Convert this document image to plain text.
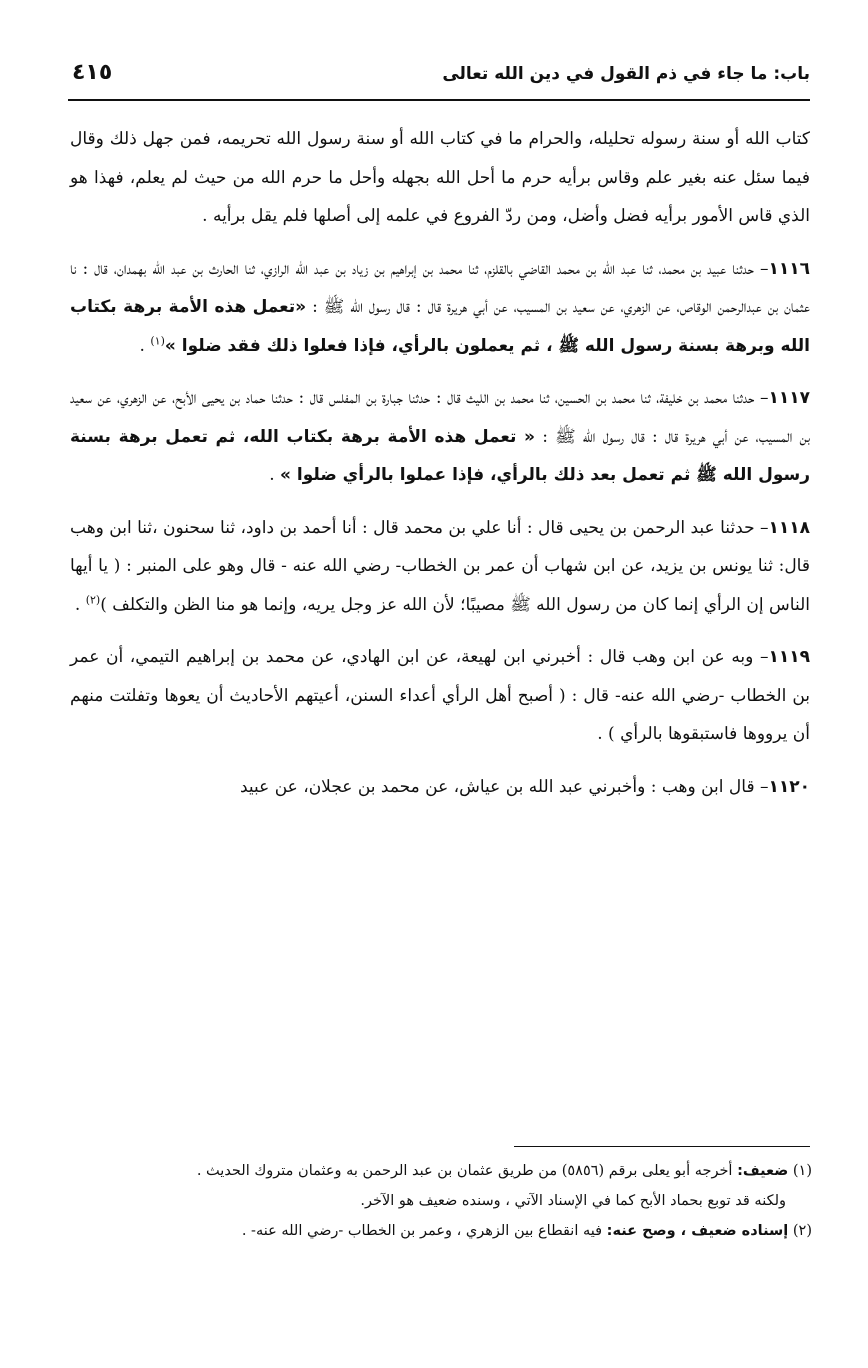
باب: ما جاء في ذم القول في دين الله تعالى
٤١٥

كتاب الله أو سنة رسوله تحليله، والحرام ما في كتاب الله أو سنة رسول الله تحريمه، فمن جهل ذلك وقال فيما سئل عنه بغير علم وقاس برأيه حرم ما أحل الله بجهله وأحل ما حرم الله من حيث لم يعلم، فهذا هو الذي قاس الأمور برأيه فضل وأضل، ومن ردّ الفروع في علمه إلى أصلها فلم يقل برأيه .

١١١٦– حدثنا عبيد بن محمد، ثنا عبد الله بن محمد القاضي بالقلزم، ثنا محمد بن إبراهيم بن زياد بن عبد الله الرازي، ثنا الحارث بن عبد الله بهمدان، قال : نا عثمان بن عبدالرحمن الوقاص، عن الزهري، عن سعيد بن المسيب، عن أبي هريرة قال : قال رسول الله ﷺ : «تعمل هذه الأمة برهة بكتاب الله وبرهة بسنة رسول الله ﷺ ، ثم يعملون بالرأي، فإذا فعلوا ذلك فقد ضلوا »$^{(١)}$ .

١١١٧– حدثنا محمد بن خليفة، ثنا محمد بن الحسين، ثنا محمد بن الليث قال : حدثنا جبارة بن المفلس قال : حدثنا حماد بن يحيى الأبح، عن الزهري، عن سعيد بن المسيب، عن أبي هريرة قال : قال رسول الله ﷺ : « تعمل هذه الأمة برهة بكتاب الله، ثم تعمل برهة بسنة رسول الله ﷺ ثم تعمل بعد ذلك بالرأي، فإذا عملوا بالرأي ضلوا » .

١١١٨– حدثنا عبد الرحمن بن يحيى قال : أنا علي بن محمد قال : أنا أحمد بن داود، ثنا سحنون ،ثنا ابن وهب قال: ثنا يونس بن يزيد، عن ابن شهاب أن عمر بن الخطاب- رضي الله عنه - قال وهو على المنبر : ( يا أيها الناس إن الرأي إنما كان من رسول الله ﷺ مصيبًا؛ لأن الله عز وجل يريه، وإنما هو منا الظن والتكلف )$^{(٢)}$ .

١١١٩– وبه عن ابن وهب قال : أخبرني ابن لهيعة، عن ابن الهادي، عن محمد بن إبراهيم التيمي، أن عمر بن الخطاب -رضي الله عنه- قال : ( أصبح أهل الرأي أعداء السنن، أعيتهم الأحاديث أن يعوها وتفلتت منهم أن يرووها فاستبقوها بالرأي ) .

١١٢٠– قال ابن وهب : وأخبرني عبد الله بن عياش، عن محمد بن عجلان، عن عبيد

(١) ضعيف: أخرجه أبو يعلى برقم (٥٨٥٦) من طريق عثمان بن عبد الرحمن به وعثمان متروك الحديث .

ولكنه قد توبع بحماد الأبح كما في الإسناد الآتي ، وسنده ضعيف هو الآخر.

(٢) إسناده ضعيف ، وصح عنه: فيه انقطاع بين الزهري ، وعمر بن الخطاب -رضي الله عنه- .
